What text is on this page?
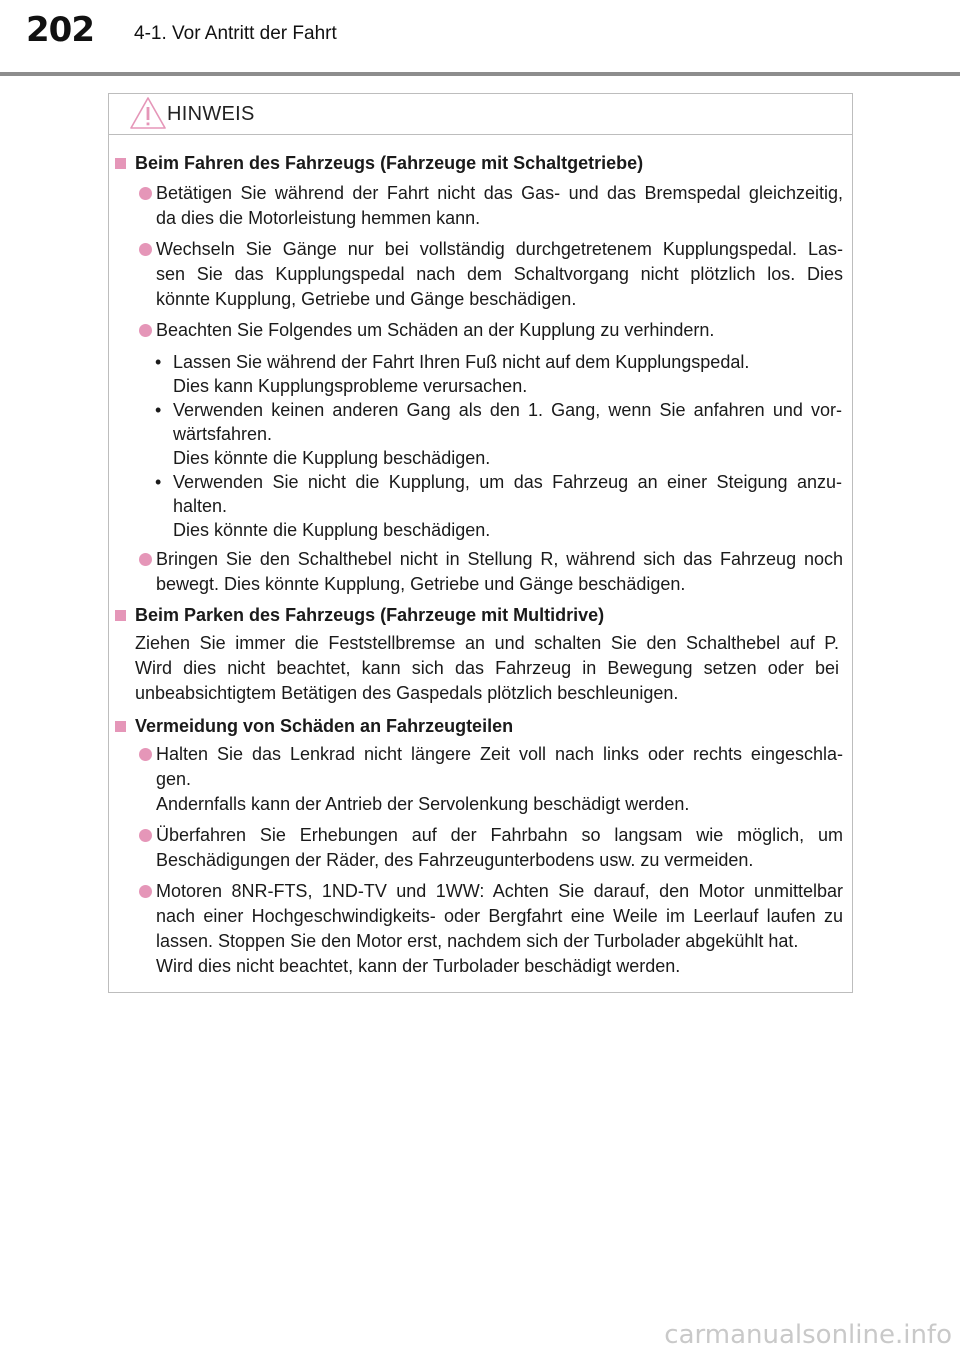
202 4-1. Vor Antritt der Fahrt
HINWEIS
Beim Fahren des Fahrzeugs (Fahrzeuge mit Schaltgetriebe)
Betätigen Sie während der Fahrt nicht das Gas- und das Bremspedal gleichzeitig,
da dies die Motorleistung hemmen kann.
Wechseln Sie Gänge nur bei vollständig durchgetretenem Kupplungspedal. Las-
sen Sie das Kupplungspedal nach dem Schaltvorgang nicht plötzlich los. Dies
könnte Kupplung, Getriebe und Gänge beschädigen.
Beachten Sie Folgendes um Schäden an der Kupplung zu verhindern.
• Lassen Sie während der Fahrt Ihren Fuß nicht auf dem Kupplungspedal.
Dies kann Kupplungsprobleme verursachen.
• Verwenden keinen anderen Gang als den 1. Gang, wenn Sie anfahren und vor-
wärtsfahren.
Dies könnte die Kupplung beschädigen.
• Verwenden Sie nicht die Kupplung, um das Fahrzeug an einer Steigung anzu-
halten.
Dies könnte die Kupplung beschädigen.
Bringen Sie den Schalthebel nicht in Stellung R, während sich das Fahrzeug noch
bewegt. Dies könnte Kupplung, Getriebe und Gänge beschädigen.
Beim Parken des Fahrzeugs (Fahrzeuge mit Multidrive)
Ziehen Sie immer die Feststellbremse an und schalten Sie den Schalthebel auf P.
Wird dies nicht beachtet, kann sich das Fahrzeug in Bewegung setzen oder bei
unbeabsichtigtem Betätigen des Gaspedals plötzlich beschleunigen.
Vermeidung von Schäden an Fahrzeugteilen
Halten Sie das Lenkrad nicht längere Zeit voll nach links oder rechts eingeschla-
gen.
Andernfalls kann der Antrieb der Servolenkung beschädigt werden.
Überfahren Sie Erhebungen auf der Fahrbahn so langsam wie möglich, um
Beschädigungen der Räder, des Fahrzeugunterbodens usw. zu vermeiden.
Motoren 8NR-FTS, 1ND-TV und 1WW: Achten Sie darauf, den Motor unmittelbar
nach einer Hochgeschwindigkeits- oder Bergfahrt eine Weile im Leerlauf laufen zu
lassen. Stoppen Sie den Motor erst, nachdem sich der Turbolader abgekühlt hat.
Wird dies nicht beachtet, kann der Turbolader beschädigt werden.
carmanualsonline.info
